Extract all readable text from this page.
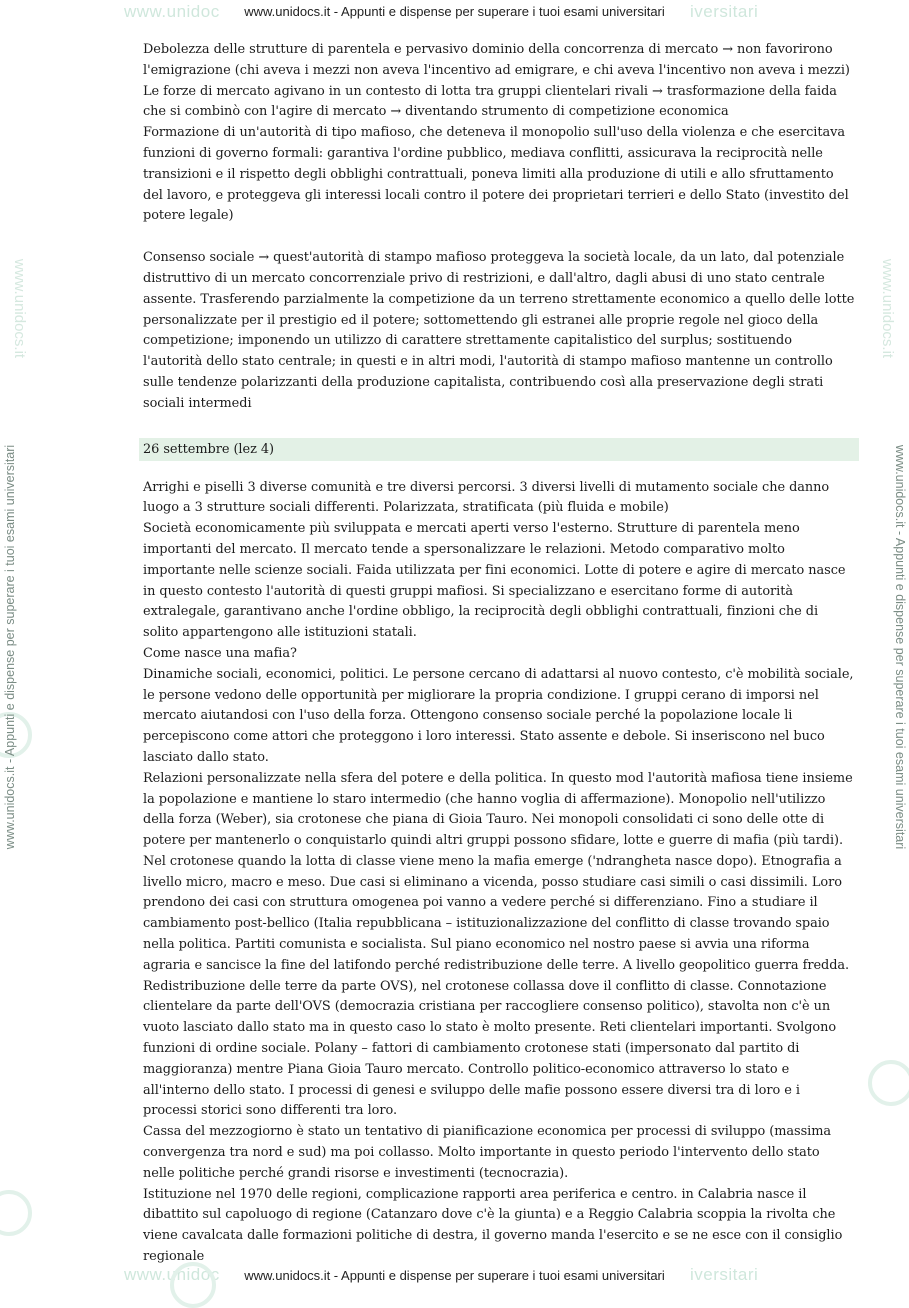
www.unidoc	iversitari
www.unidoc	iversitari
www.unidocs.it	www.unidocs.it
www.unidocs.it - Appunti e dispense per superare i tuoi esami universitari
www.unidocs.it - Appunti e dispense per superare i tuoi esami universitari
www.unidocs.it - Appunti e dispense per superare i tuoi esami universitari	www.unidocs.it - Appunti e dispense per superare i tuoi esami universitari

Debolezza delle strutture di parentela e pervasivo dominio della concorrenza di mercato → non favorirono l'emigrazione (chi aveva i mezzi non aveva l'incentivo ad emigrare, e chi aveva l'incentivo non aveva i mezzi)

Le forze di mercato agivano in un contesto di lotta tra gruppi clientelari rivali → trasformazione della faida che si combinò con l'agire di mercato → diventando strumento di competizione economica

Formazione di un'autorità di tipo mafioso, che deteneva il monopolio sull'uso della violenza e che esercitava funzioni di governo formali: garantiva l'ordine pubblico, mediava conflitti, assicurava la reciprocità nelle transizioni e il rispetto degli obblighi contrattuali, poneva limiti alla produzione di utili e allo sfruttamento del lavoro, e proteggeva gli interessi locali contro il potere dei proprietari terrieri e dello Stato (investito del potere legale)

Consenso sociale → quest'autorità di stampo mafioso proteggeva la società locale, da un lato, dal potenziale distruttivo di un mercato concorrenziale privo di restrizioni, e dall'altro, dagli abusi di uno stato centrale assente. Trasferendo parzialmente la competizione da un terreno strettamente economico a quello delle lotte personalizzate per il prestigio ed il potere; sottomettendo gli estranei alle proprie regole nel gioco della competizione; imponendo un utilizzo di carattere strettamente capitalistico del surplus; sostituendo l'autorità dello stato centrale; in questi e in altri modi, l'autorità di stampo mafioso mantenne un controllo sulle tendenze polarizzanti della produzione capitalista, contribuendo così alla preservazione degli strati sociali intermedi

26 settembre (lez 4)

Arrighi e piselli 3 diverse comunità e tre diversi percorsi. 3 diversi livelli di mutamento sociale che danno luogo a 3 strutture sociali differenti. Polarizzata, stratificata (più fluida e mobile)

Società economicamente più sviluppata e mercati aperti verso l'esterno. Strutture di parentela meno importanti del mercato. Il mercato tende a spersonalizzare le relazioni. Metodo comparativo molto importante nelle scienze sociali. Faida utilizzata per fini economici. Lotte di potere e agire di mercato nasce in questo contesto l'autorità di questi gruppi mafiosi. Si specializzano e esercitano forme di autorità extralegale, garantivano anche l'ordine obbligo, la reciprocità degli obblighi contrattuali, finzioni che di solito appartengono alle istituzioni statali.

Come nasce una mafia?

Dinamiche sociali, economici, politici. Le persone cercano di adattarsi al nuovo contesto, c'è mobilità sociale, le persone vedono delle opportunità per migliorare la propria condizione. I gruppi cerano di imporsi nel mercato aiutandosi con l'uso della forza. Ottengono consenso sociale perché la popolazione locale li percepiscono come attori che proteggono i loro interessi. Stato assente e debole. Si inseriscono nel buco lasciato dallo stato.

Relazioni personalizzate nella sfera del potere e della politica. In questo mod l'autorità mafiosa tiene insieme la popolazione e mantiene lo staro intermedio (che hanno voglia di affermazione). Monopolio nell'utilizzo della forza (Weber), sia crotonese che piana di Gioia Tauro. Nei monopoli consolidati ci sono delle otte di potere per mantenerlo o conquistarlo quindi altri gruppi possono sfidare, lotte e guerre di mafia (più tardi). Nel crotonese quando la lotta di classe viene meno la mafia emerge ('ndrangheta nasce dopo). Etnografia a livello micro, macro e meso. Due casi si eliminano a vicenda, posso studiare casi simili o casi dissimili. Loro prendono dei casi con struttura omogenea poi vanno a vedere perché si differenziano. Fino a studiare il cambiamento post-bellico (Italia repubblicana – istituzionalizzazione del conflitto di classe trovando spaio nella politica. Partiti comunista e socialista. Sul piano economico nel nostro paese si avvia una riforma agraria e sancisce la fine del latifondo perché redistribuzione delle terre. A livello geopolitico guerra fredda. Redistribuzione delle terre da parte OVS), nel crotonese collassa dove il conflitto di classe. Connotazione clientelare da parte dell'OVS (democrazia cristiana per raccogliere consenso politico), stavolta non c'è un vuoto lasciato dallo stato ma in questo caso lo stato è molto presente. Reti clientelari importanti. Svolgono funzioni di ordine sociale. Polany – fattori di cambiamento crotonese stati (impersonato dal partito di maggioranza) mentre Piana Gioia Tauro mercato. Controllo politico-economico attraverso lo stato e all'interno dello stato. I processi di genesi e sviluppo delle mafie possono essere diversi tra di loro e i processi storici sono differenti tra loro.

Cassa del mezzogiorno è stato un tentativo di pianificazione economica per processi di sviluppo (massima convergenza tra nord e sud) ma poi collasso. Molto importante in questo periodo l'intervento dello stato nelle politiche perché grandi risorse e investimenti (tecnocrazia).

Istituzione nel 1970 delle regioni, complicazione rapporti area periferica e centro. in Calabria nasce il dibattito sul capoluogo di regione (Catanzaro dove c'è la giunta) e a Reggio Calabria scoppia la rivolta che viene cavalcata dalle formazioni politiche di destra, il governo manda l'esercito e se ne esce con il consiglio regionale
